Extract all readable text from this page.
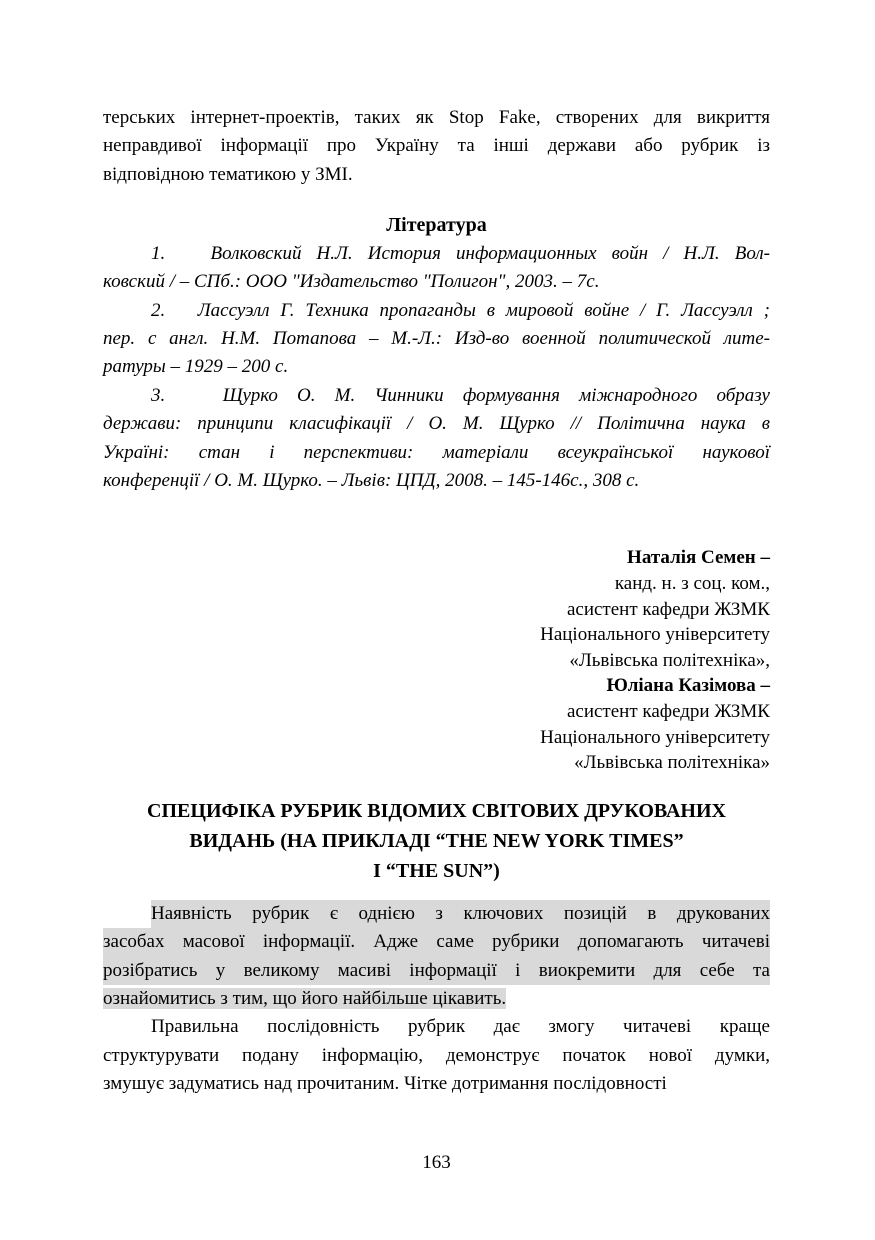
терських інтернет-проектів, таких як Stop Fake, створених для викриття
неправдивої інформації про Україну та інші держави або рубрик із
відповідною тематикою у ЗМІ.
Література
1.   Волковский Н.Л. История информационных войн / Н.Л. Вол-
ковский / – СПб.: ООО "Издательство "Полигон", 2003. – 7с.
2.   Лассуэлл Г. Техника пропаганды в мировой войне / Г. Лассуэлл ;
пер. с англ. Н.М. Потапова – М.-Л.: Изд-во военной политической лите-
ратуры – 1929 – 200 с.
3.   Щурко О. М. Чинники формування міжнародного образу
держави: принципи класифікації / О. М. Щурко // Політична наука в
Україні: стан і перспективи: матеріали всеукраїнської наукової
конференції / О. М. Щурко. – Львів: ЦПД, 2008. – 145-146с., 308 с.
Наталія Семен –
канд. н. з соц. ком.,
асистент кафедри ЖЗМК
Національного університету
«Львівська політехніка»,
Юліана Казімова –
асистент кафедри ЖЗМК
Національного університету
«Львівська політехніка»
СПЕЦИФІКА РУБРИК ВІДОМИХ СВІТОВИХ ДРУКОВАНИХ
ВИДАНЬ (НА ПРИКЛАДІ “THE NEW YORK TIMES”
І “THE SUN”)
Наявність рубрик є однією з ключових позицій в друкованих
засобах масової інформації. Адже саме рубрики допомагають читачеві
розібратись у великому масиві інформації і виокремити для себе та
ознайомитись з тим, що його найбільше цікавить.
Правильна послідовність рубрик дає змогу читачеві краще
структурувати подану інформацію, демонструє початок нової думки,
змушує задуматись над прочитаним. Чітке дотримання послідовності
163
